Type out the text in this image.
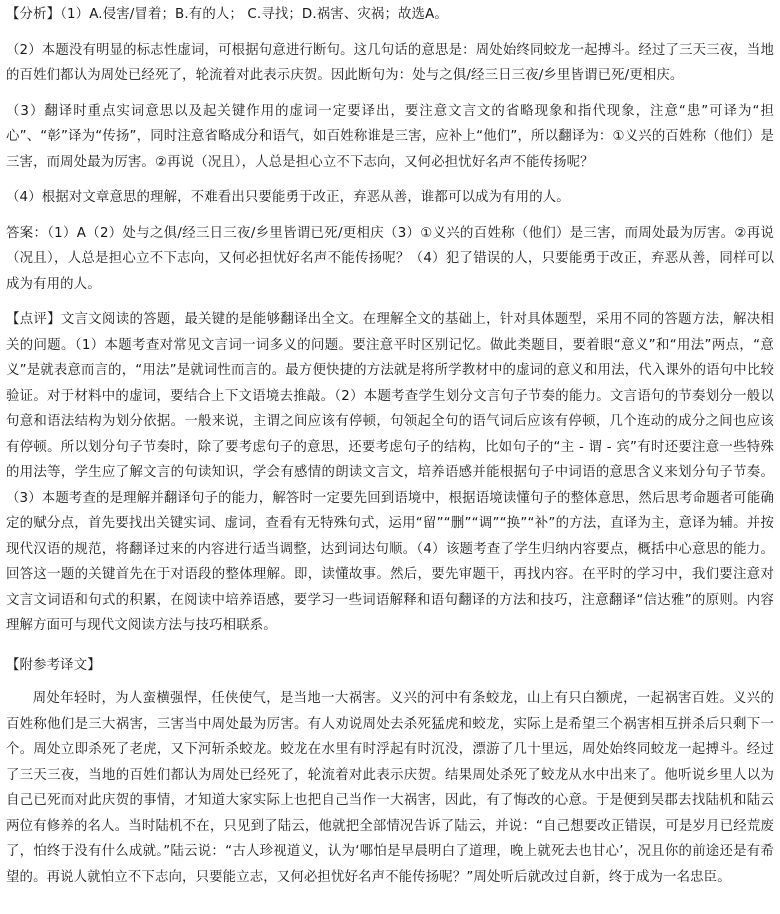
【分析】（1）A.侵害/冒着；B.有的人； C.寻找；D.祸害、灾祸；故选A。

（2）本题没有明显的标志性虚词，可根据句意进行断句。这几句话的意思是：周处始终同蛟龙一起搏斗。经过了三天三夜，当地的百姓们都认为周处已经死了，轮流着对此表示庆贺。因此断句为：处与之俱/经三日三夜/乡里皆谓已死/更相庆。

（3）翻译时重点实词意思以及起关键作用的虚词一定要译出，要注意文言文的省略现象和指代现象，注意“患”可译为“担心”、“彰”译为“传扬”，同时注意省略成分和语气，如百姓称谁是三害，应补上“他们”，所以翻译为：①义兴的百姓称（他们）是三害，而周处最为厉害。②再说（况且），人总是担心立不下志向，又何必担忧好名声不能传扬呢？

（4）根据对文章意思的理解，不难看出只要能勇于改正，弃恶从善，谁都可以成为有用的人。

答案：（1）A（2）处与之俱/经三日三夜/乡里皆谓已死/更相庆（3）①义兴的百姓称（他们）是三害，而周处最为厉害。②再说（况且），人总是担心立不下志向，又何必担忧好名声不能传扬呢？（4）犯了错误的人，只要能勇于改正，弃恶从善，同样可以成为有用的人。

【点评】文言文阅读的答题，最关键的是能够翻译出全文。在理解全文的基础上，针对具体题型，采用不同的答题方法，解决相关的问题。（1）本题考查对常见文言词一词多义的问题。要注意平时区别记忆。做此类题目，要着眼“意义”和“用法”两点，“意义”是就表意而言的，“用法”是就词性而言的。最方便快捷的方法就是将所学教材中的虚词的意义和用法，代入课外的语句中比较验证。对于材料中的虚词，要结合上下文语境去推敲。（2）本题考查学生划分文言句子节奏的能力。文言语句的节奏划分一般以句意和语法结构为划分依据。一般来说，主谓之间应该有停顿，句领起全句的语气词后应该有停顿，几个连动的成分之间也应该有停顿。所以划分句子节奏时，除了要考虑句子的意思，还要考虑句子的结构，比如句子的“主 - 谓 - 宾”有时还要注意一些特殊的用法等，学生应了解文言的句读知识，学会有感情的朗读文言文，培养语感并能根据句子中词语的意思含义来划分句子节奏。（3）本题考查的是理解并翻译句子的能力，解答时一定要先回到语境中，根据语境读懂句子的整体意思，然后思考命题者可能确定的赋分点，首先要找出关键实词、虚词，查看有无特殊句式，运用“留”“删”“调”“换”“补”的方法，直译为主，意译为辅。并按现代汉语的规范，将翻译过来的内容进行适当调整，达到词达句顺。（4）该题考查了学生归纳内容要点，概括中心意思的能力。回答这一题的关键首先在于对语段的整体理解。即，读懂故事。然后，要先审题干，再找内容。在平时的学习中，我们要注意对文言文词语和句式的积累，在阅读中培养语感，要学习一些词语解释和语句翻译的方法和技巧，注意翻译“信达雅”的原则。内容理解方面可与现代文阅读方法与技巧相联系。

【附参考译文】

周处年轻时，为人蛮横强悍，任侠使气，是当地一大祸害。义兴的河中有条蛟龙，山上有只白额虎，一起祸害百姓。义兴的百姓称他们是三大祸害，三害当中周处最为厉害。有人劝说周处去杀死猛虎和蛟龙，实际上是希望三个祸害相互拼杀后只剩下一个。周处立即杀死了老虎，又下河斩杀蛟龙。蛟龙在水里有时浮起有时沉没，漂游了几十里远，周处始终同蛟龙一起搏斗。经过了三天三夜，当地的百姓们都认为周处已经死了，轮流着对此表示庆贺。结果周处杀死了蛟龙从水中出来了。他听说乡里人以为自己已死而对此庆贺的事情，才知道大家实际上也把自己当作一大祸害，因此，有了悔改的心意。于是便到吴郡去找陆机和陆云两位有修养的名人。当时陆机不在，只见到了陆云，他就把全部情况告诉了陆云，并说：“自己想要改正错误，可是岁月已经荒废了，怕终于没有什么成就。”陆云说：“古人珍视道义，认为‘哪怕是早晨明白了道理，晚上就死去也甘心’，况且你的前途还是有希望的。再说人就怕立不下志向，只要能立志，又何必担忧好名声不能传扬呢？”周处听后就改过自新，终于成为一名忠臣。
